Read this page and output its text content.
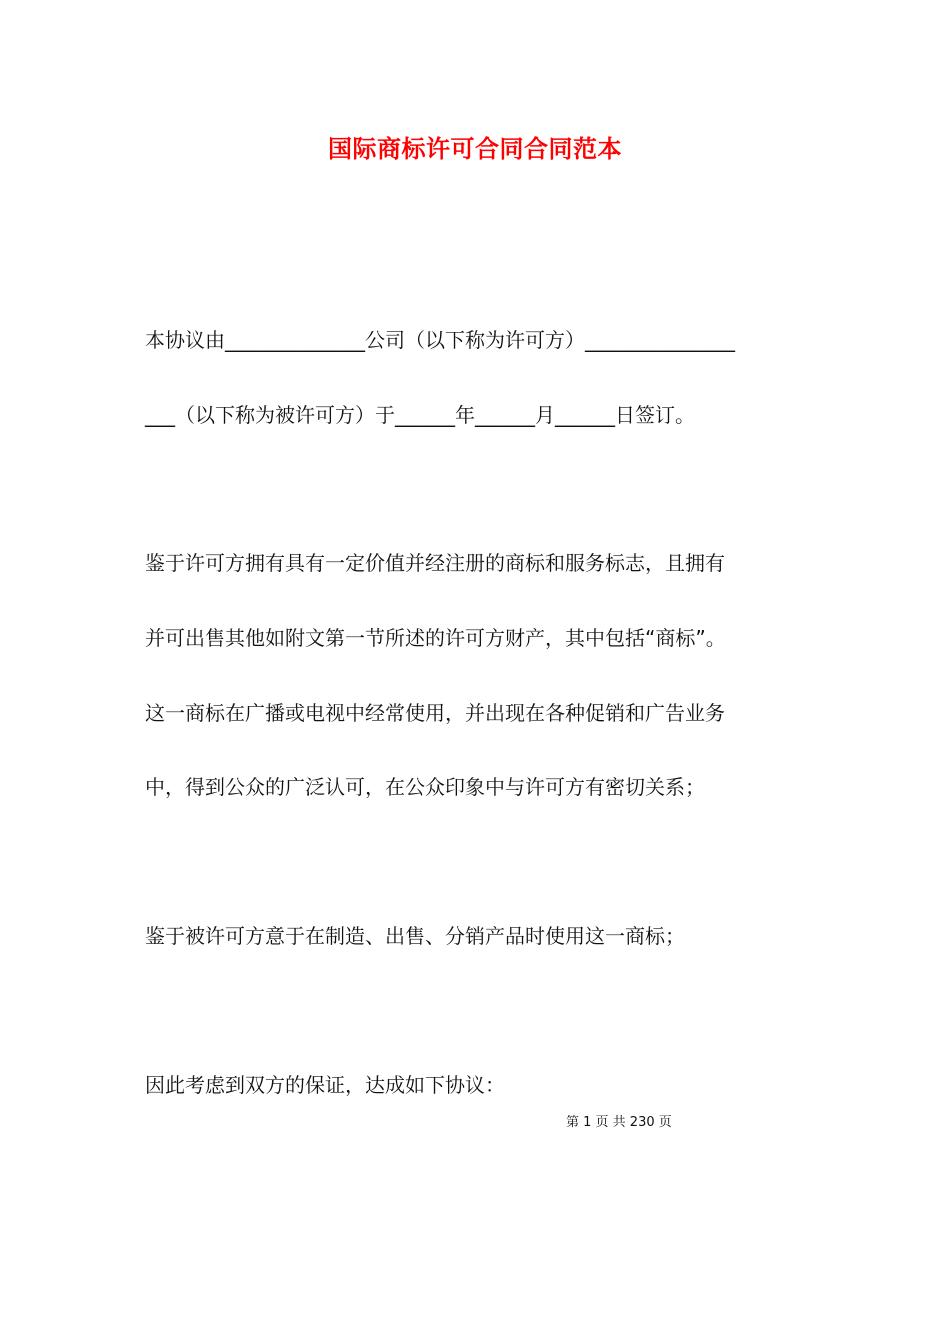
国际商标许可合同合同范本
本协议由______________公司（以下称为许可方）_______________
___（以下称为被许可方）于______年______月______日签订。
鉴于许可方拥有具有一定价值并经注册的商标和服务标志，且拥有
并可出售其他如附文第一节所述的许可方财产，其中包括“商标”。
这一商标在广播或电视中经常使用，并出现在各种促销和广告业务
中，得到公众的广泛认可，在公众印象中与许可方有密切关系；
鉴于被许可方意于在制造、出售、分销产品时使用这一商标；
因此考虑到双方的保证，达成如下协议：
第 1 页 共 230 页
